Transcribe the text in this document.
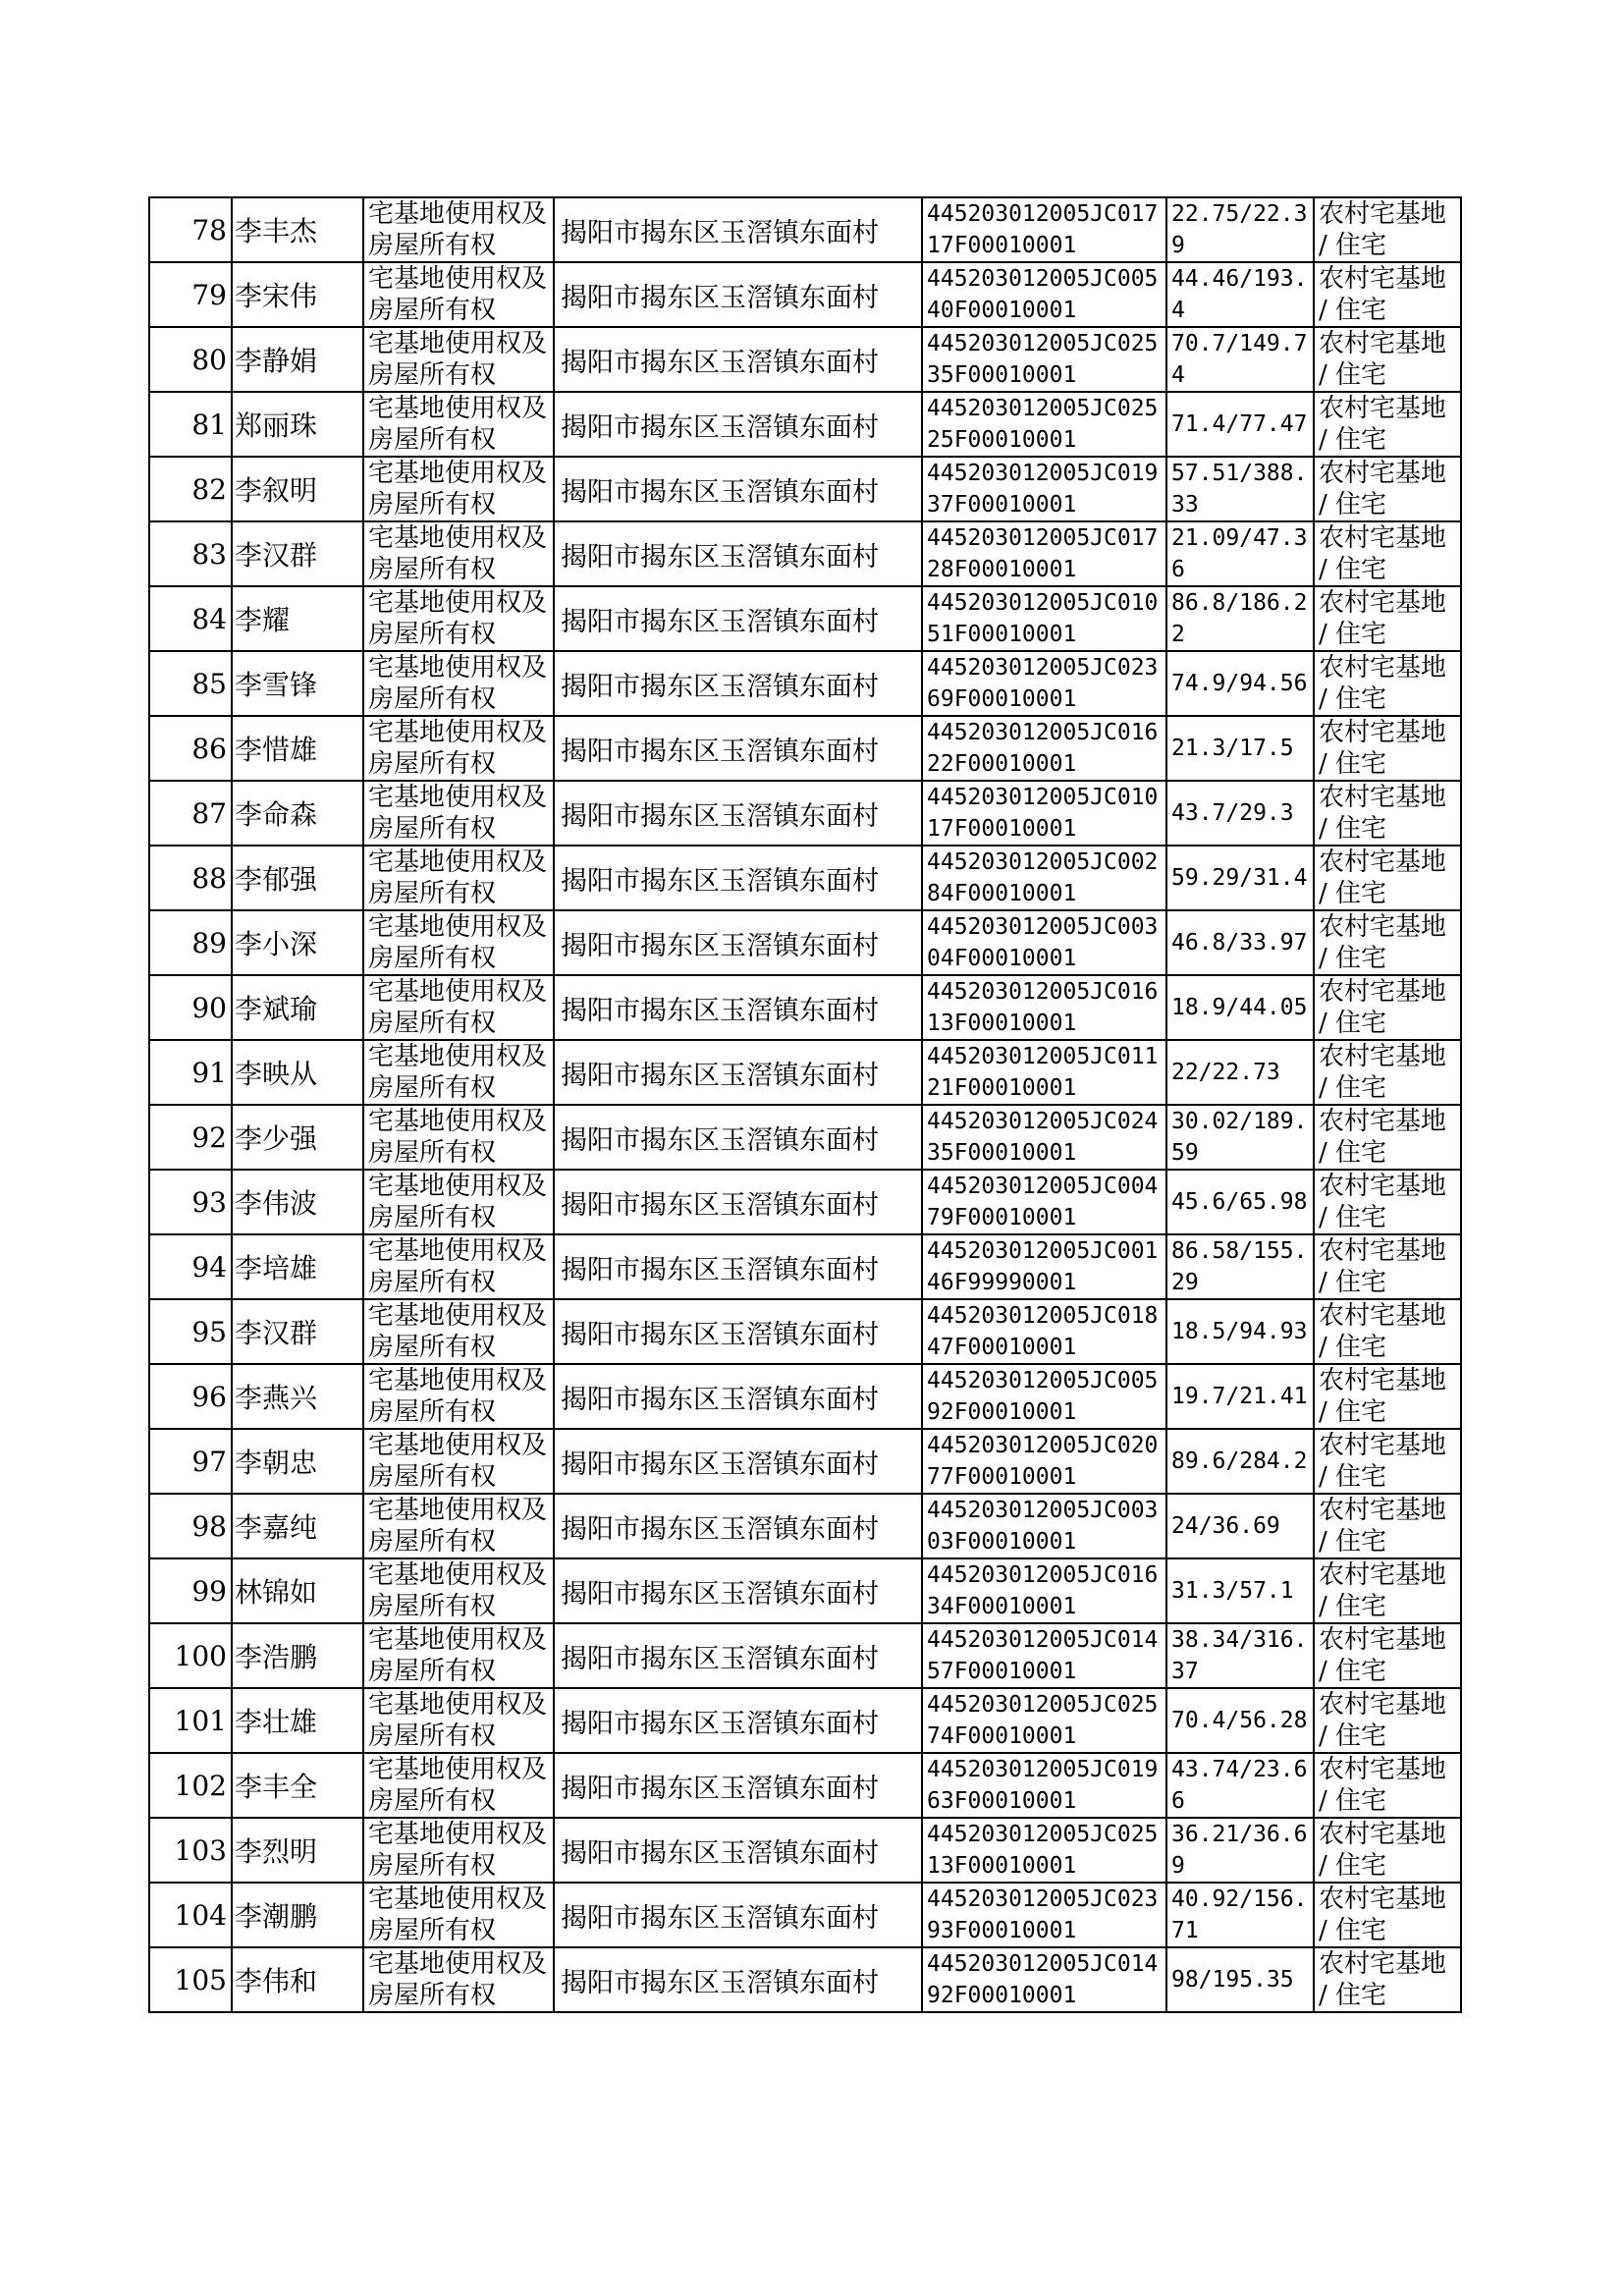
78	李丰杰	宅基地使用权及房屋所有权	揭阳市揭东区玉滘镇东面村	445203012005JC01717F00010001	22.75/22.39	农村宅基地 / 住宅

79	李宋伟	宅基地使用权及房屋所有权	揭阳市揭东区玉滘镇东面村	445203012005JC00540F00010001	44.46/193.4	农村宅基地 / 住宅

80	李静娟	宅基地使用权及房屋所有权	揭阳市揭东区玉滘镇东面村	445203012005JC02535F00010001	70.7/149.74	农村宅基地 / 住宅

81	郑丽珠	宅基地使用权及房屋所有权	揭阳市揭东区玉滘镇东面村	445203012005JC02525F00010001	71.4/77.47	农村宅基地 / 住宅

82	李叙明	宅基地使用权及房屋所有权	揭阳市揭东区玉滘镇东面村	445203012005JC01937F00010001	57.51/388.33	农村宅基地 / 住宅

83	李汉群	宅基地使用权及房屋所有权	揭阳市揭东区玉滘镇东面村	445203012005JC01728F00010001	21.09/47.36	农村宅基地 / 住宅

84	李耀	宅基地使用权及房屋所有权	揭阳市揭东区玉滘镇东面村	445203012005JC01051F00010001	86.8/186.22	农村宅基地 / 住宅

85	李雪锋	宅基地使用权及房屋所有权	揭阳市揭东区玉滘镇东面村	445203012005JC02369F00010001	74.9/94.56	农村宅基地 / 住宅

86	李惜雄	宅基地使用权及房屋所有权	揭阳市揭东区玉滘镇东面村	445203012005JC01622F00010001	21.3/17.5	农村宅基地 / 住宅

87	李命森	宅基地使用权及房屋所有权	揭阳市揭东区玉滘镇东面村	445203012005JC01017F00010001	43.7/29.3	农村宅基地 / 住宅

88	李郁强	宅基地使用权及房屋所有权	揭阳市揭东区玉滘镇东面村	445203012005JC00284F00010001	59.29/31.4	农村宅基地 / 住宅

89	李小深	宅基地使用权及房屋所有权	揭阳市揭东区玉滘镇东面村	445203012005JC00304F00010001	46.8/33.97	农村宅基地 / 住宅

90	李斌瑜	宅基地使用权及房屋所有权	揭阳市揭东区玉滘镇东面村	445203012005JC01613F00010001	18.9/44.05	农村宅基地 / 住宅

91	李映从	宅基地使用权及房屋所有权	揭阳市揭东区玉滘镇东面村	445203012005JC01121F00010001	22/22.73	农村宅基地 / 住宅

92	李少强	宅基地使用权及房屋所有权	揭阳市揭东区玉滘镇东面村	445203012005JC02435F00010001	30.02/189.59	农村宅基地 / 住宅

93	李伟波	宅基地使用权及房屋所有权	揭阳市揭东区玉滘镇东面村	445203012005JC00479F00010001	45.6/65.98	农村宅基地 / 住宅

94	李培雄	宅基地使用权及房屋所有权	揭阳市揭东区玉滘镇东面村	445203012005JC00146F99990001	86.58/155.29	农村宅基地 / 住宅

95	李汉群	宅基地使用权及房屋所有权	揭阳市揭东区玉滘镇东面村	445203012005JC01847F00010001	18.5/94.93	农村宅基地 / 住宅

96	李燕兴	宅基地使用权及房屋所有权	揭阳市揭东区玉滘镇东面村	445203012005JC00592F00010001	19.7/21.41	农村宅基地 / 住宅

97	李朝忠	宅基地使用权及房屋所有权	揭阳市揭东区玉滘镇东面村	445203012005JC02077F00010001	89.6/284.2	农村宅基地 / 住宅

98	李嘉纯	宅基地使用权及房屋所有权	揭阳市揭东区玉滘镇东面村	445203012005JC00303F00010001	24/36.69	农村宅基地 / 住宅

99	林锦如	宅基地使用权及房屋所有权	揭阳市揭东区玉滘镇东面村	445203012005JC01634F00010001	31.3/57.1	农村宅基地 / 住宅

100	李浩鹏	宅基地使用权及房屋所有权	揭阳市揭东区玉滘镇东面村	445203012005JC01457F00010001	38.34/316.37	农村宅基地 / 住宅

101	李壮雄	宅基地使用权及房屋所有权	揭阳市揭东区玉滘镇东面村	445203012005JC02574F00010001	70.4/56.28	农村宅基地 / 住宅

102	李丰全	宅基地使用权及房屋所有权	揭阳市揭东区玉滘镇东面村	445203012005JC01963F00010001	43.74/23.66	农村宅基地 / 住宅

103	李烈明	宅基地使用权及房屋所有权	揭阳市揭东区玉滘镇东面村	445203012005JC02513F00010001	36.21/36.69	农村宅基地 / 住宅

104	李潮鹏	宅基地使用权及房屋所有权	揭阳市揭东区玉滘镇东面村	445203012005JC02393F00010001	40.92/156.71	农村宅基地 / 住宅

105	李伟和	宅基地使用权及房屋所有权	揭阳市揭东区玉滘镇东面村	445203012005JC01492F00010001	98/195.35	农村宅基地 / 住宅
